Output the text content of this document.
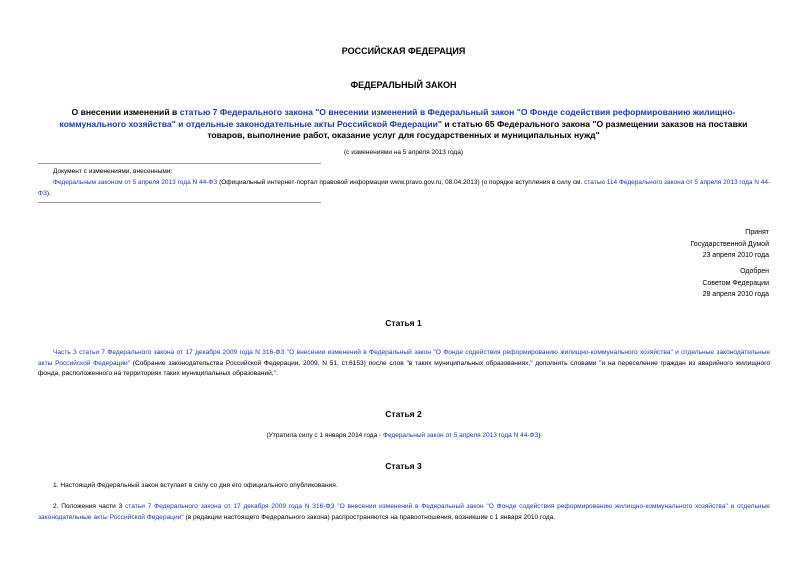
РОССИЙСКАЯ ФЕДЕРАЦИЯ
ФЕДЕРАЛЬНЫЙ ЗАКОН
О внесении изменений в статью 7 Федерального закона "О внесении изменений в Федеральный закон "О Фонде содействия реформированию жилищно-коммунального хозяйства" и отдельные законодательные акты Российской Федерации" и статью 65 Федерального закона "О размещении заказов на поставки товаров, выполнение работ, оказание услуг для государственных и муниципальных нужд"
(с изменениями на 5 апреля 2013 года)
Документ с изменениями, внесенными:
Федеральным законом от 5 апреля 2013 года N 44-ФЗ (Официальный интернет-портал правовой информации www.pravo.gov.ru, 08.04.2013) (о порядке вступления в силу см. статью 114 Федерального закона от 5 апреля 2013 года N 44-ФЗ).
Принят
Государственной Думой
23 апреля 2010 года
Одобрен
Советом Федерации
28 апреля 2010 года
Статья 1
Часть 3 статьи 7 Федерального закона от 17 декабря 2009 года N 316-ФЗ "О внесении изменений в Федеральный закон "О Фонде содействия реформированию жилищно-коммунального хозяйства" и отдельные законодательные акты Российской Федерации" (Собрание законодательства Российской Федерации, 2009, N 51, ст.6153) после слов "в таких муниципальных образованиях," дополнить словами "и на переселение граждан из аварийного жилищного фонда, расположенного на территориях таких муниципальных образований,".
Статья 2
(Утратила силу с 1 января 2014 года - Федеральный закон от 5 апреля 2013 года N 44-ФЗ)
Статья 3
1. Настоящий Федеральный закон вступает в силу со дня его официального опубликования.
2. Положения части 3 статьи 7 Федерального закона от 17 декабря 2009 года N 316-ФЗ "О внесении изменений в Федеральный закон "О Фонде содействия реформированию жилищно-коммунального хозяйства" и отдельные законодательные акты Российской Федерации" (в редакции настоящего Федерального закона) распространяются на правоотношения, возникшие с 1 января 2010 года.
